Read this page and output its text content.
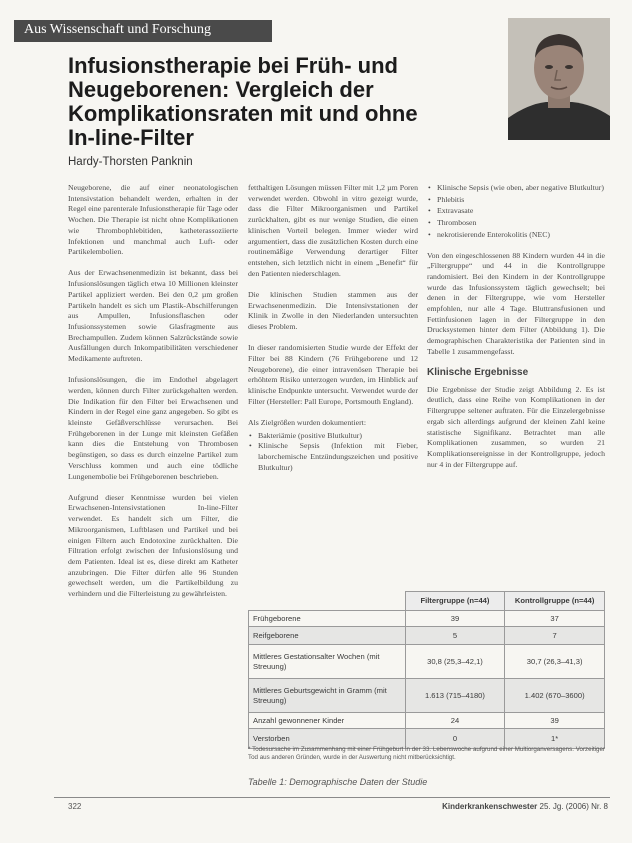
Aus Wissenschaft und Forschung
Infusionstherapie bei Früh- und
Neugeborenen: Vergleich der
Komplikationsraten mit und ohne
In-line-Filter
Hardy-Thorsten Panknin

Neugeborene, die auf einer neonatologischen Intensivstation behandelt werden, erhalten in der Regel eine parenterale Infusionstherapie für Tage oder Wochen. Die Therapie ist nicht ohne Komplikationen wie Thrombophlebitiden, katheterassoziierte Infektionen und manchmal auch Luft- oder Partikelembolien.

Aus der Erwachsenenmedizin ist bekannt, dass bei Infusionslösungen täglich etwa 10 Millionen kleinster Partikel appliziert werden. Bei den 0,2 µm großen Partikeln handelt es sich um Plastik-Abschilferungen aus Ampullen, Infusionsflaschen oder Infusionssystemen sowie Glasfragmente aus Brechampullen. Zudem können Salzrückstände sowie Ausfällungen durch Inkompatibilitäten verschiedener Medikamente auftreten.

Infusionslösungen, die im Endothel abgelagert werden, können durch Filter zurückgehalten werden. Die Indikation für den Filter bei Erwachsenen und Kindern in der Regel eine ganz angegeben. So gibt es kleinste Gefäßverschlüsse verursachen. Bei Frühgeborenen in der Lunge mit kleinsten Gefäßen kann dies die Entstehung von Thrombosen begünstigen, so dass es durch einzelne Partikel zum Verschluss kommen und auch eine tödliche Lungenembolie bei Frühgeborenen beschrieben.

Aufgrund dieser Kenntnisse wurden bei vielen Erwachsenen-Intensivstationen In-line-Filter verwendet. Es handelt sich um Filter, die Mikroorganismen, Luftblasen und Partikel und bei einigen Filtern auch Endotoxine zurückhalten. Die Filtration erfolgt zwischen der Infusionslösung und dem Patienten. Ideal ist es, diese direkt am Katheter anzubringen. Die Filter dürfen alle 96 Stunden gewechselt werden, um die Partikelbildung zu verhindern und die Filterleistung zu gewährleisten.

fetthaltigen Lösungen müssen Filter mit 1,2 µm Poren verwendet werden. Obwohl in vitro gezeigt wurde, dass die Filter Mikroorganismen und Partikel zurückhalten, gibt es nur wenige Studien, die einen klinischen Vorteil belegen. Immer wieder wird argumentiert, dass die zusätzlichen Kosten durch eine routinemäßige Verwendung derartiger Filter entstehen, sich letztlich nicht in einem „Benefit“ für den Patienten niederschlagen.

Die klinischen Studien stammen aus der Erwachsenenmedizin. Die Intensivstationen der Klinik in Zwolle in den Niederlanden untersuchten dieses Problem.

In dieser randomisierten Studie wurde der Effekt der Filter bei 88 Kindern (76 Frühgeborene und 12 Neugeborene), die einer intravenösen Therapie bei erhöhtem Risiko unterzogen wurden, im Hinblick auf klinische Endpunkte untersucht. Verwendet wurde der Filter (Hersteller: Pall Europe, Portsmouth England).

Als Zielgrößen wurden dokumentiert:

• Bakteriämie (positive Blutkultur)
• Klinische Sepsis (Infektion mit Fieber, laborchemische Entzündungszeichen und positive Blutkultur)
• Klinische Sepsis (wie oben, aber negative Blutkultur)
• Phlebitis
• Extravasate
• Thrombosen
• nekrotisierende Enterokolitis (NEC)

Von den eingeschlossenen 88 Kindern wurden 44 in die „Filtergruppe“ und 44 in die Kontrollgruppe randomisiert. Bei den Kindern in der Kontrollgruppe wurde das Infusionssystem täglich gewechselt; bei denen in der Filtergruppe, wie vom Hersteller empfohlen, nur alle 4 Tage. Bluttransfusionen und Fettinfusionen lagen in der Filtergruppe in den Drucksystemen hinter dem Filter (Abbildung 1). Die demographischen Charakteristika der Patienten sind in Tabelle 1 zusammengefasst.

Klinische Ergebnisse

Die Ergebnisse der Studie zeigt Abbildung 2. Es ist deutlich, dass eine Reihe von Komplikationen in der Filtergruppe seltener auftraten. Für die Einzelergebnisse ergab sich allerdings aufgrund der kleinen Zahl keine statistische Signifikanz. Betrachtet man alle Komplikationen zusammen, so wurden 21 Komplikationsereignisse in der Kontrollgruppe, jedoch nur 4 in der Filtergruppe auf.

	Filtergruppe (n=44)	Kontrollgruppe (n=44)
Frühgeborene	39	37
Reifgeborene	5	7
Mittleres Gestationsalter Wochen (mit Streuung)	30,8 (25,3–42,1)	30,7 (26,3–41,3)
Mittleres Geburtsgewicht in Gramm (mit Streuung)	1.613 (715–4180)	1.402 (670–3600)
Anzahl gewonnener Kinder	24	39
Verstorben	0	1*
* Todesursache im Zusammenhang mit einer Frühgeburt in der 33. Lebenswoche aufgrund einer Multiorganversagens. Vorzeitiger Tod aus anderen Gründen, wurde in der Auswertung nicht mitberücksichtigt.
Tabelle 1: Demographische Daten der Studie
322	Kinderkrankenschwester 25. Jg. (2006) Nr. 8
